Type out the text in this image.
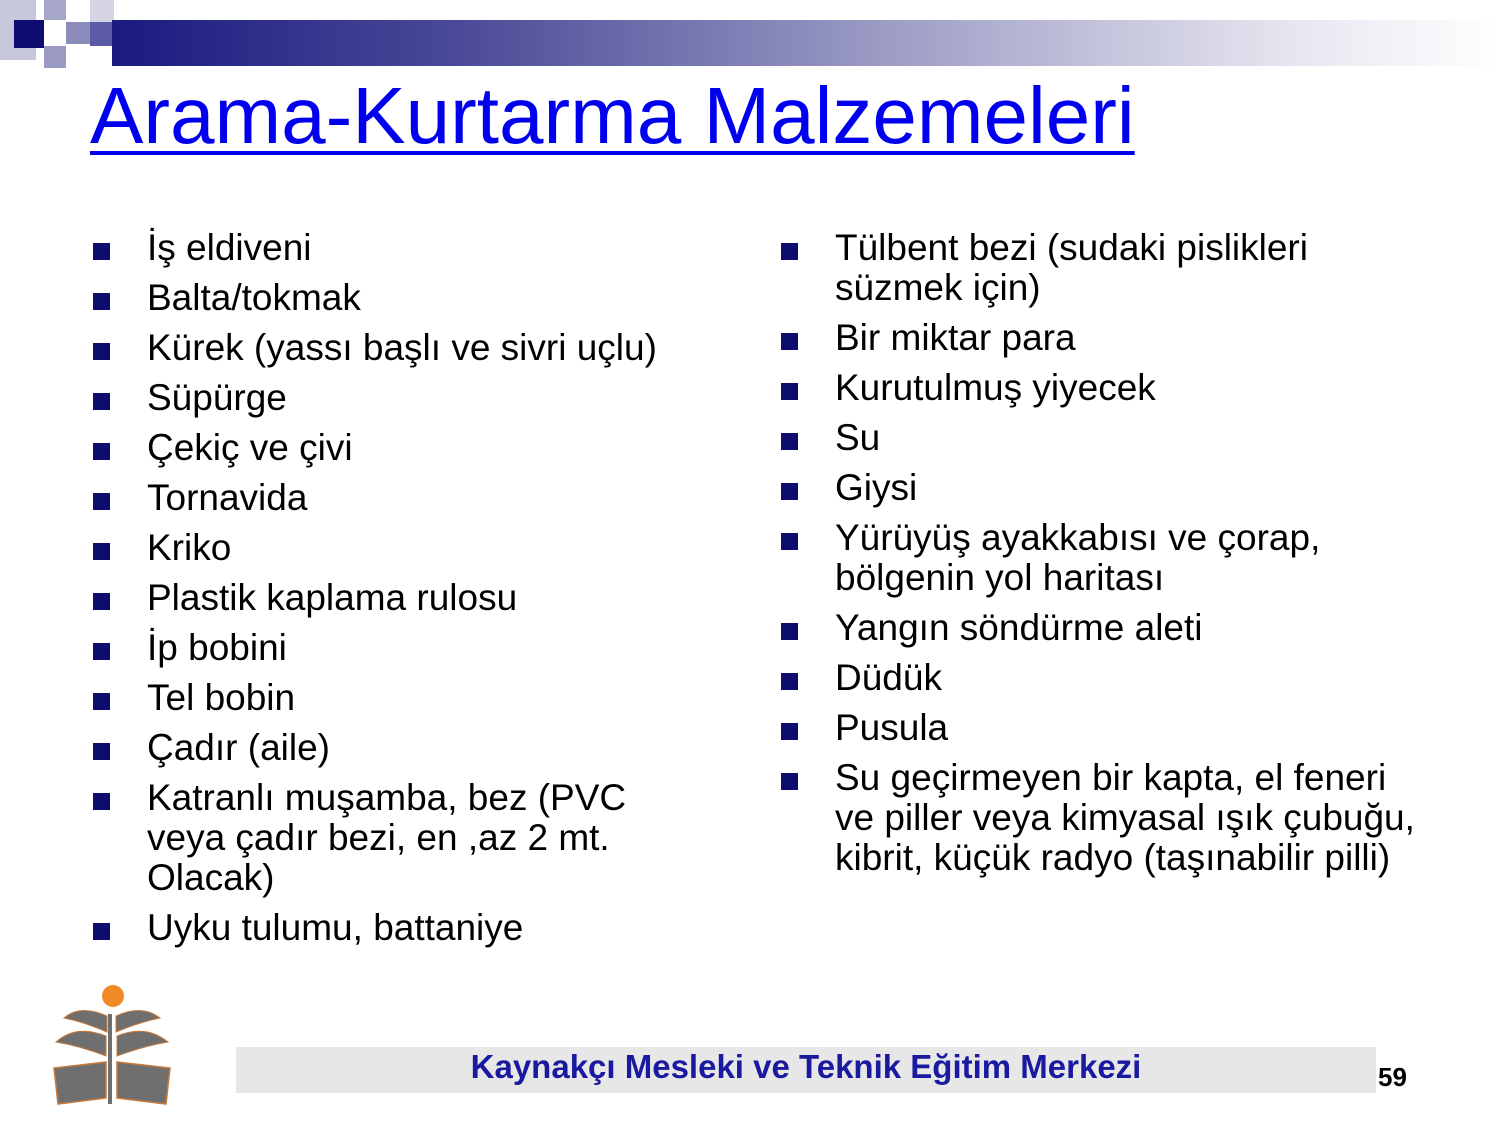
Arama-Kurtarma Malzemeleri
İş eldiveni
Balta/tokmak
Kürek (yassı başlı ve sivri uçlu)
Süpürge
Çekiç ve çivi
Tornavida
Kriko
Plastik kaplama rulosu
İp bobini
Tel bobin
Çadır (aile)
Katranlı muşamba, bez (PVC veya çadır bezi, en ,az 2 mt. Olacak)
Uyku tulumu, battaniye
Tülbent bezi (sudaki pislikleri süzmek için)
Bir miktar para
Kurutulmuş yiyecek
Su
Giysi
Yürüyüş ayakkabısı ve çorap, bölgenin yol haritası
Yangın söndürme aleti
Düdük
Pusula
Su geçirmeyen bir kapta, el feneri ve piller veya kimyasal ışık çubuğu, kibrit, küçük radyo (taşınabilir pilli)
Kaynakçı Mesleki ve Teknik Eğitim Merkezi	59
